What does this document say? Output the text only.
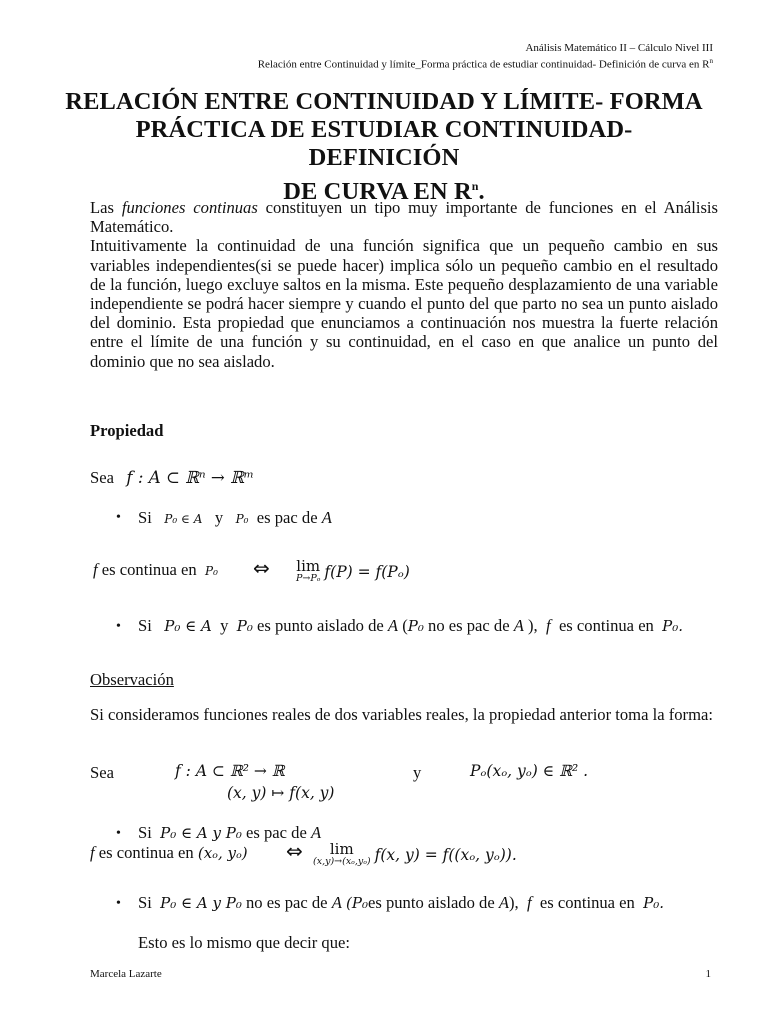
Análisis Matemático II – Cálculo Nivel III
Relación entre Continuidad y límite_Forma práctica de estudiar continuidad- Definición de curva en $R^n$
RELACIÓN ENTRE CONTINUIDAD Y LÍMITE- FORMA
PRÁCTICA DE ESTUDIAR CONTINUIDAD- DEFINICIÓN
DE CURVA EN $R^n$.

Las funciones continuas constituyen un tipo muy importante de funciones en el Análisis Matemático.

Intuitivamente la continuidad de una función significa que un pequeño cambio en sus variables independientes(si se puede hacer) implica sólo un pequeño cambio en el resultado de la función, luego excluye saltos en la misma. Este pequeño desplazamiento de una variable independiente se podrá hacer siempre y cuando el punto del que parto no sea un punto aislado del dominio. Esta propiedad que enunciamos a continuación nos muestra la fuerte relación entre el límite de una función y su continuidad, en el caso en que analice un punto del dominio que no sea aislado.

Propiedad
Sea f : A ⊂ ℝⁿ → ℝᵐ
• Si P₀ ∈ A y P₀ es pac de A
f es continua en P₀ ⇔ lim
P→Pₒ f(P) = f(Pₒ)
• Si P₀ ∈ A y P₀ es punto aislado de A (P₀ no es pac de A ), f es continua en P₀.
Observación

Si consideramos funciones reales de dos variables reales, la propiedad anterior toma la forma:

Sea	f : A ⊂ ℝ² → ℝ
(x, y) ↦ f(x, y)
y	Pₒ(xₒ, yₒ) ∈ ℝ² .
• Si P₀ ∈ A y P₀ es pac de A
f es continua en (xₒ, yₒ) ⇔	lim
(x,y)→(xₒ,yₒ) f(x, y) = f((xₒ, yₒ)).
• Si P₀ ∈ A y P₀ no es pac de A (P₀es punto aislado de A), f es continua en P₀.
Esto es lo mismo que decir que:
Marcela Lazarte	1
